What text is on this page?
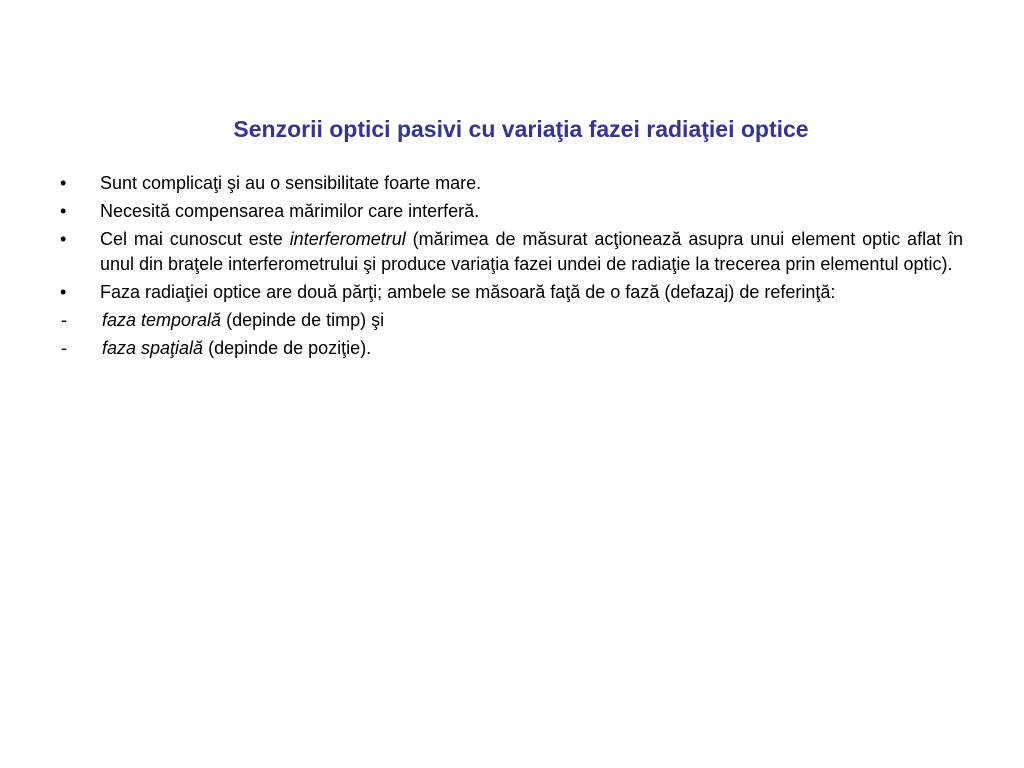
Senzorii optici pasivi cu variaţia fazei radiaţiei optice
•	Sunt complicaţi şi au o sensibilitate foarte mare.
•	Necesită compensarea mărimilor care interferă.
•	Cel mai cunoscut este interferometrul (mărimea de măsurat acţionează asupra unui element optic aflat în unul din braţele interferometrului şi produce variaţia fazei undei de radiaţie la trecerea prin elementul optic).
•	Faza radiaţiei optice are două părţi; ambele se măsoară faţă de o fază (defazaj) de referinţă:
-	faza temporală (depinde de timp) şi
-	faza spaţială (depinde de poziţie).
